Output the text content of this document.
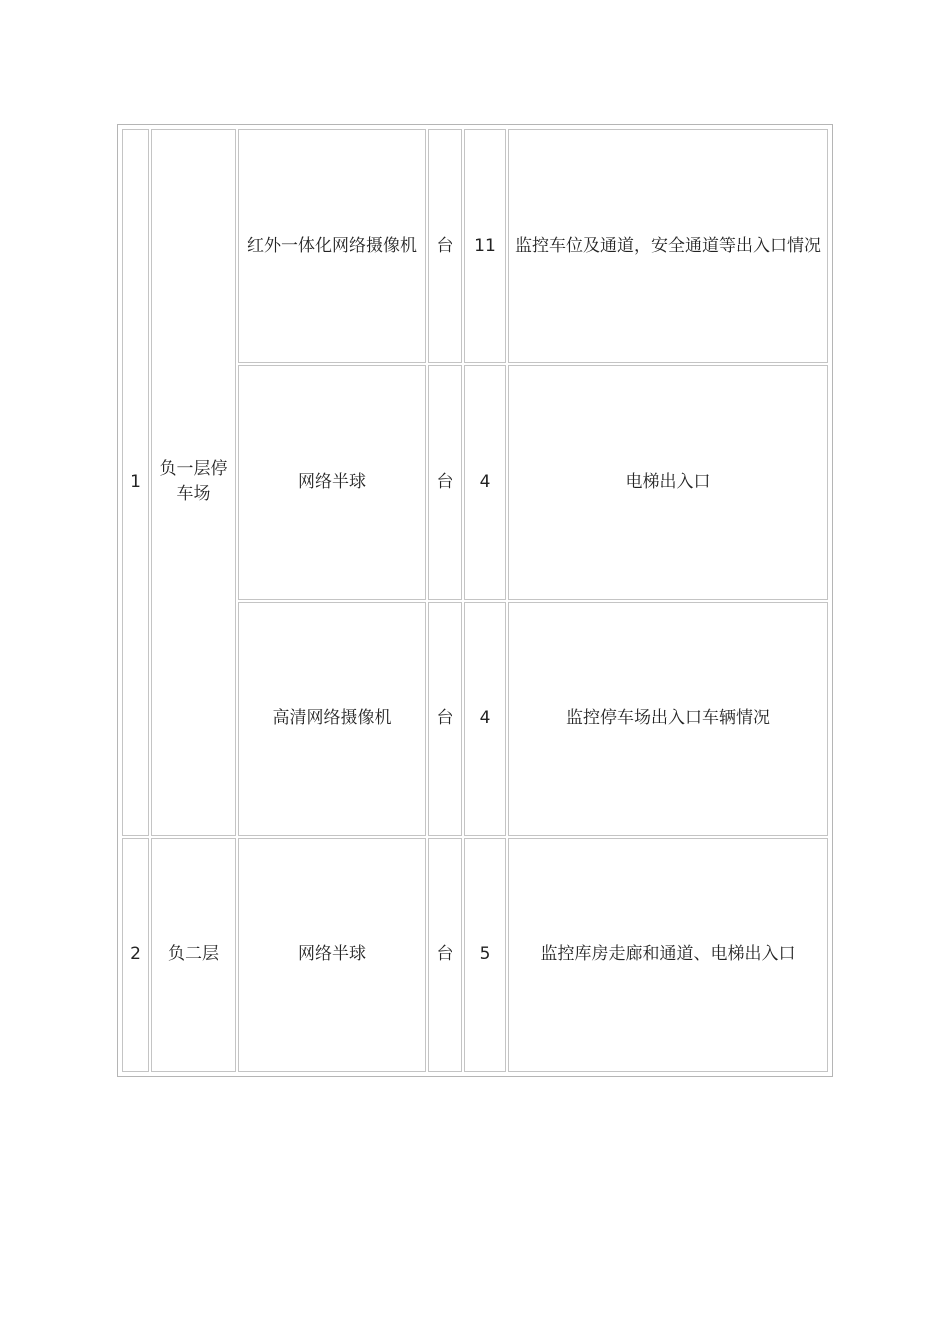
1	负一层停车场	红外一体化网络摄像机	台	11	监控车位及通道，安全通道等出入口情况
		网络半球	台	4	电梯出入口
		高清网络摄像机	台	4	监控停车场出入口车辆情况
2	负二层	网络半球	台	5	监控库房走廊和通道、电梯出入口
